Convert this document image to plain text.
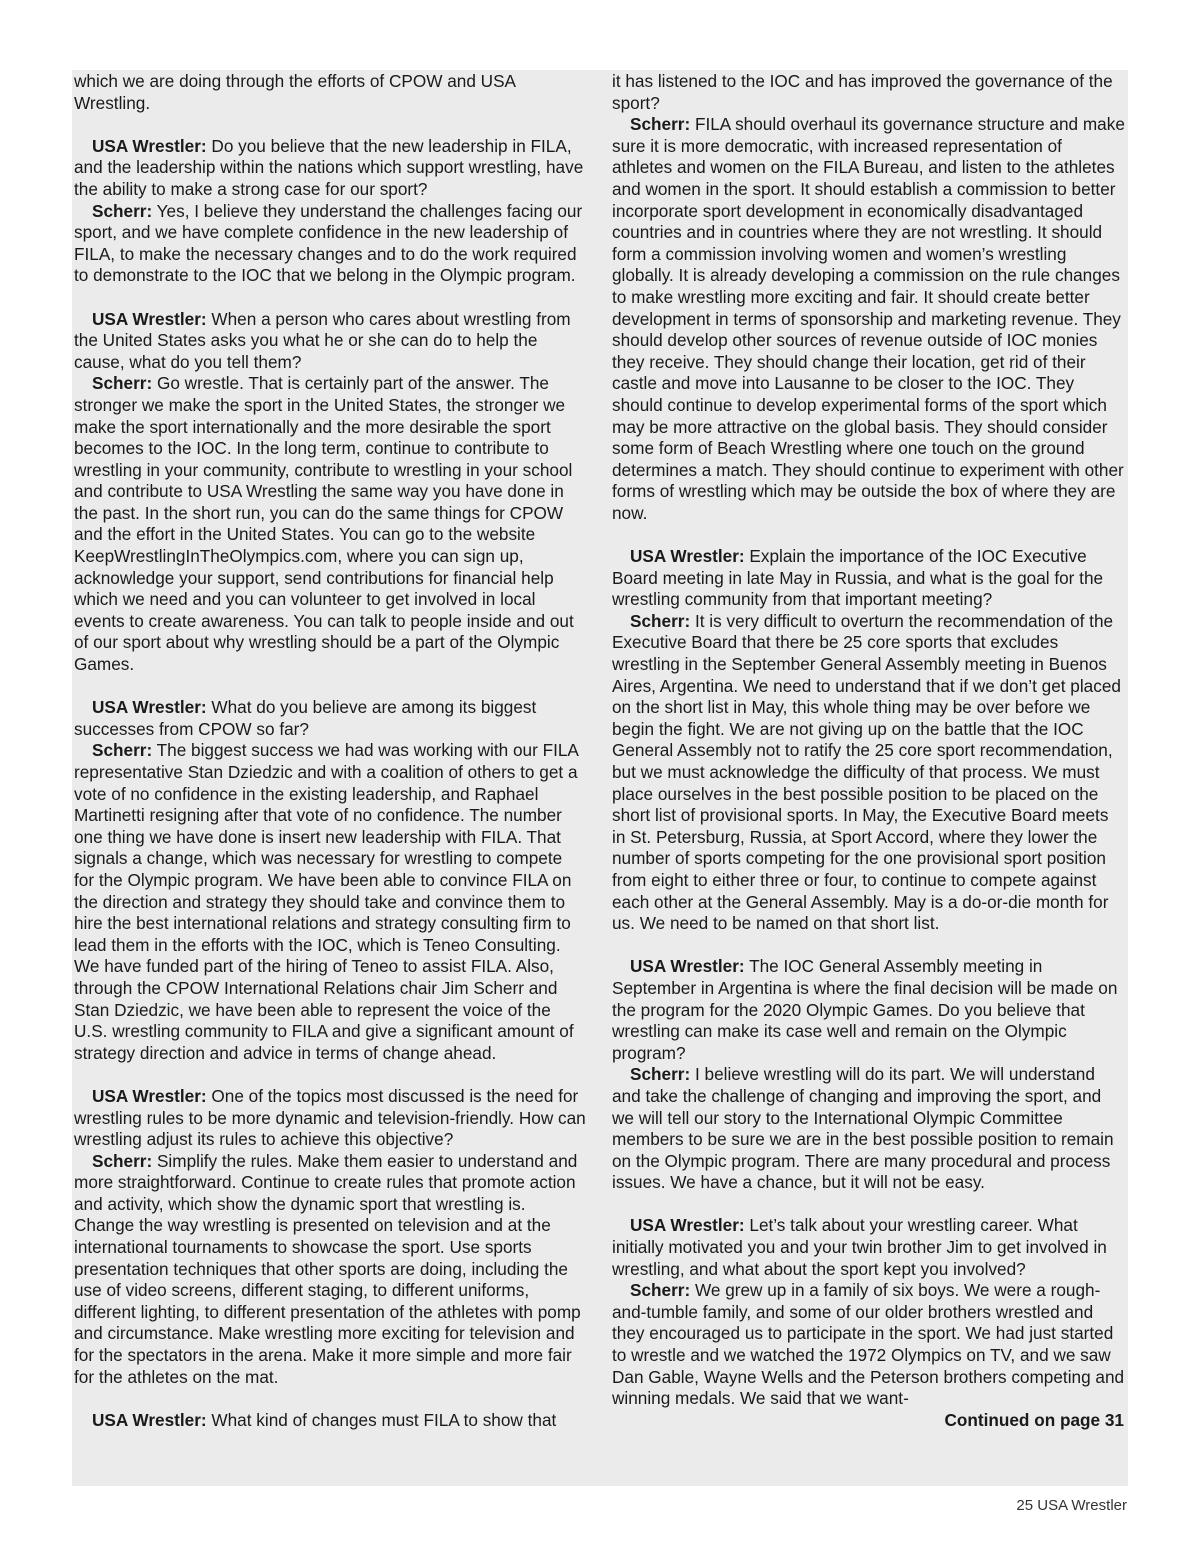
which we are doing through the efforts of CPOW and USA Wrestling.

USA Wrestler: Do you believe that the new leadership in FILA, and the leadership within the nations which support wrestling, have the ability to make a strong case for our sport?

Scherr: Yes, I believe they understand the challenges facing our sport, and we have complete confidence in the new leadership of FILA, to make the necessary changes and to do the work required to demonstrate to the IOC that we belong in the Olympic program.

USA Wrestler: When a person who cares about wrestling from the United States asks you what he or she can do to help the cause, what do you tell them?

Scherr: Go wrestle. That is certainly part of the answer. The stronger we make the sport in the United States, the stronger we make the sport internationally and the more desirable the sport becomes to the IOC. In the long term, continue to contribute to wrestling in your community, contribute to wrestling in your school and contribute to USA Wrestling the same way you have done in the past. In the short run, you can do the same things for CPOW and the effort in the United States. You can go to the website KeepWrestlingInTheOlympics.com, where you can sign up, acknowledge your support, send contributions for financial help which we need and you can volunteer to get involved in local events to create awareness. You can talk to people inside and out of our sport about why wrestling should be a part of the Olympic Games.

USA Wrestler: What do you believe are among its biggest successes from CPOW so far?

Scherr: The biggest success we had was working with our FILA representative Stan Dziedzic and with a coalition of others to get a vote of no confidence in the existing leadership, and Raphael Martinetti resigning after that vote of no confidence. The number one thing we have done is insert new leadership with FILA. That signals a change, which was necessary for wrestling to compete for the Olympic program. We have been able to convince FILA on the direction and strategy they should take and convince them to hire the best international relations and strategy consulting firm to lead them in the efforts with the IOC, which is Teneo Consulting. We have funded part of the hiring of Teneo to assist FILA. Also, through the CPOW International Relations chair Jim Scherr and Stan Dziedzic, we have been able to represent the voice of the U.S. wrestling community to FILA and give a significant amount of strategy direction and advice in terms of change ahead.

USA Wrestler: One of the topics most discussed is the need for wrestling rules to be more dynamic and television-friendly. How can wrestling adjust its rules to achieve this objective?

Scherr: Simplify the rules. Make them easier to understand and more straightforward. Continue to create rules that promote action and activity, which show the dynamic sport that wrestling is. Change the way wrestling is presented on television and at the international tournaments to showcase the sport. Use sports presentation techniques that other sports are doing, including the use of video screens, different staging, to different uniforms, different lighting, to different presentation of the athletes with pomp and circumstance. Make wrestling more exciting for television and for the spectators in the arena. Make it more simple and more fair for the athletes on the mat.

USA Wrestler: What kind of changes must FILA to show that

it has listened to the IOC and has improved the governance of the sport?

Scherr: FILA should overhaul its governance structure and make sure it is more democratic, with increased representation of athletes and women on the FILA Bureau, and listen to the athletes and women in the sport. It should establish a commission to better incorporate sport development in economically disadvantaged countries and in countries where they are not wrestling. It should form a commission involving women and women’s wrestling globally. It is already developing a commission on the rule changes to make wrestling more exciting and fair. It should create better development in terms of sponsorship and marketing revenue. They should develop other sources of revenue outside of IOC monies they receive. They should change their location, get rid of their castle and move into Lausanne to be closer to the IOC. They should continue to develop experimental forms of the sport which may be more attractive on the global basis. They should consider some form of Beach Wrestling where one touch on the ground determines a match. They should continue to experiment with other forms of wrestling which may be outside the box of where they are now.

USA Wrestler: Explain the importance of the IOC Executive Board meeting in late May in Russia, and what is the goal for the wrestling community from that important meeting?

Scherr: It is very difficult to overturn the recommendation of the Executive Board that there be 25 core sports that excludes wrestling in the September General Assembly meeting in Buenos Aires, Argentina. We need to understand that if we don’t get placed on the short list in May, this whole thing may be over before we begin the fight. We are not giving up on the battle that the IOC General Assembly not to ratify the 25 core sport recommendation, but we must acknowledge the difficulty of that process. We must place ourselves in the best possible position to be placed on the short list of provisional sports. In May, the Executive Board meets in St. Petersburg, Russia, at Sport Accord, where they lower the number of sports competing for the one provisional sport position from eight to either three or four, to continue to compete against each other at the General Assembly. May is a do-or-die month for us. We need to be named on that short list.

USA Wrestler: The IOC General Assembly meeting in September in Argentina is where the final decision will be made on the program for the 2020 Olympic Games. Do you believe that wrestling can make its case well and remain on the Olympic program?

Scherr: I believe wrestling will do its part. We will understand and take the challenge of changing and improving the sport, and we will tell our story to the International Olympic Committee members to be sure we are in the best possible position to remain on the Olympic program. There are many procedural and process issues. We have a chance, but it will not be easy.

USA Wrestler: Let’s talk about your wrestling career. What initially motivated you and your twin brother Jim to get involved in wrestling, and what about the sport kept you involved?

Scherr: We grew up in a family of six boys. We were a rough-and-tumble family, and some of our older brothers wrestled and they encouraged us to participate in the sport. We had just started to wrestle and we watched the 1972 Olympics on TV, and we saw Dan Gable, Wayne Wells and the Peterson brothers competing and winning medals. We said that we want-

Continued on page 31

25 USA Wrestler
